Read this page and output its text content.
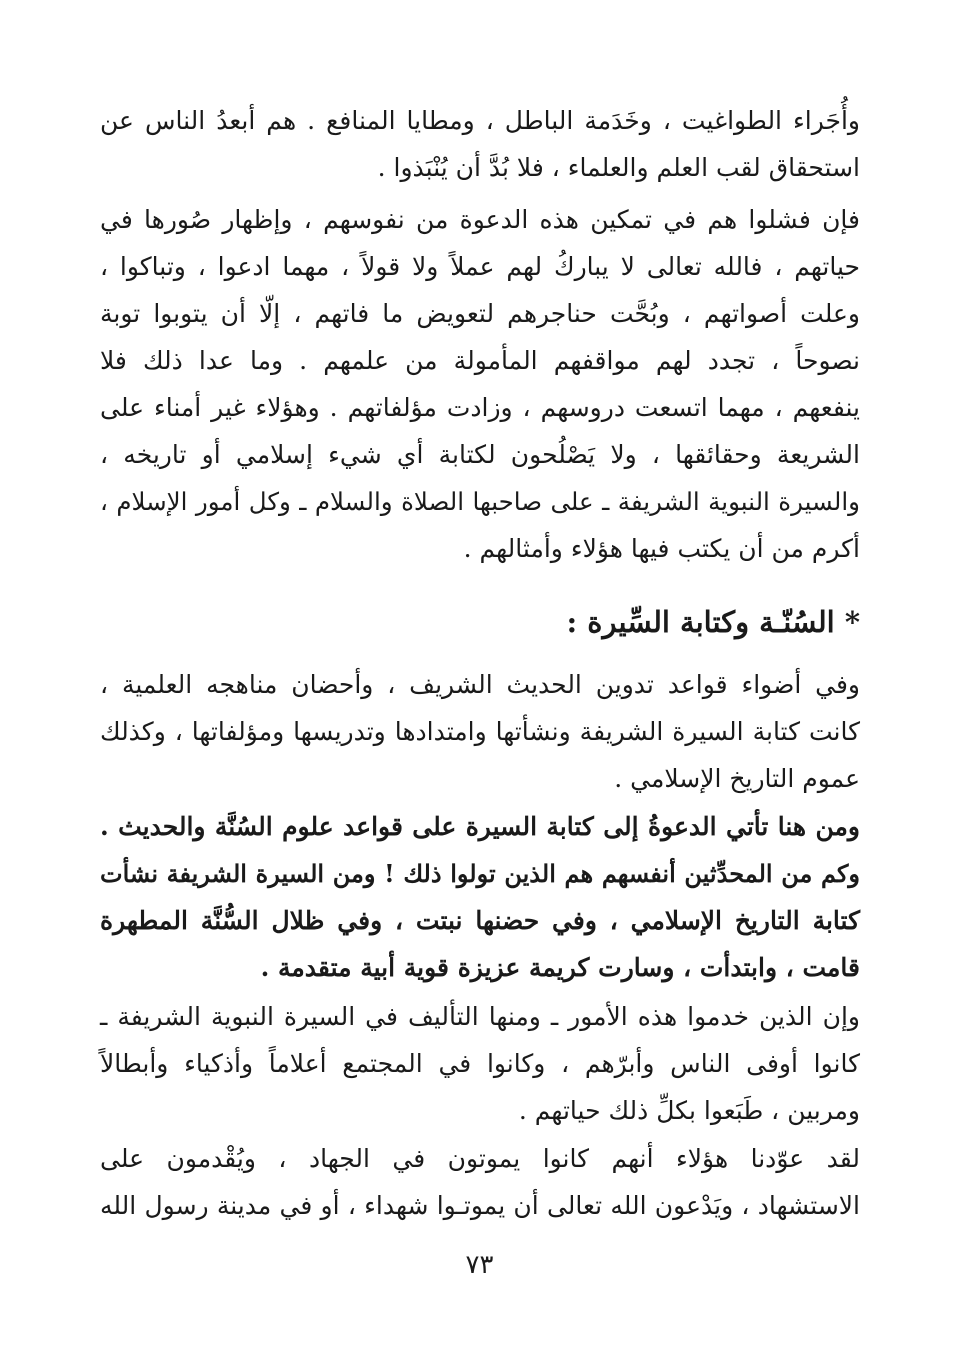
وأُجَراء الطواغيت ، وخَدَمة الباطل ، ومطايا المنافع . هم أبعدُ الناس عن
استحقاق لقب العلم والعلماء ، فلا بُدَّ أن يُنْبَذوا .

فإن فشلوا هم في تمكين هذه الدعوة من نفوسهم ، وإظهار صُورها في
حياتهم ، فالله تعالى لا يباركُ لهم عملاً ولا قولاً ، مهما ادعوا ، وتباكوا ،
وعلت أصواتهم ، وبُحَّت حناجرهم لتعويض ما فاتهم ، إلّا أن يتوبوا توبة
نصوحاً ، تجدد لهم مواقفهم المأمولة من علمهم . وما عدا ذلك فلا
ينفعهم ، مهما اتسعت دروسهم ، وزادت مؤلفاتهم . وهؤلاء غير أمناء على
الشريعة وحقائقها ، ولا يَصْلُحون لكتابة أي شيء إسلامي أو تاريخه ،
والسيرة النبوية الشريفة ـ على صاحبها الصلاة والسلام ـ وكل أمور الإسلام ،
أكرم من أن يكتب فيها هؤلاء وأمثالهم .

* السُنّـة وكتابة السِّيرة :

وفي أضواء قواعد تدوين الحديث الشريف ، وأحضان مناهجه العلمية ،
كانت كتابة السيرة الشريفة ونشأتها وامتدادها وتدريسها ومؤلفاتها ، وكذلك
عموم التاريخ الإسلامي .

ومن هنا تأتي الدعوةُ إلى كتابة السيرة على قواعد علوم السُنَّة والحديث .
وكم من المحدِّثين أنفسهم هم الذين تولوا ذلك ! ومن السيرة الشريفة نشأت
كتابة التاريخ الإسلامي ، وفي حضنها نبتت ، وفي ظلال السُّنَّة المطهرة
قامت ، وابتدأت ، وسارت كريمة عزيزة قوية أبية متقدمة .

وإن الذين خدموا هذه الأمور ـ ومنها التأليف في السيرة النبوية الشريفة ـ
كانوا أوفى الناس وأبرّهم ، وكانوا في المجتمع أعلاماً وأذكياء وأبطالاً
ومربين ، طَبَعوا بكلِّ ذلك حياتهم .

لقد عوّدنا هؤلاء أنهم كانوا يموتون في الجهاد ، ويُقْدمون على
الاستشهاد ، ويَدْعون الله تعالى أن يموتـوا شهداء ، أو في مدينة رسول الله

٧٣
